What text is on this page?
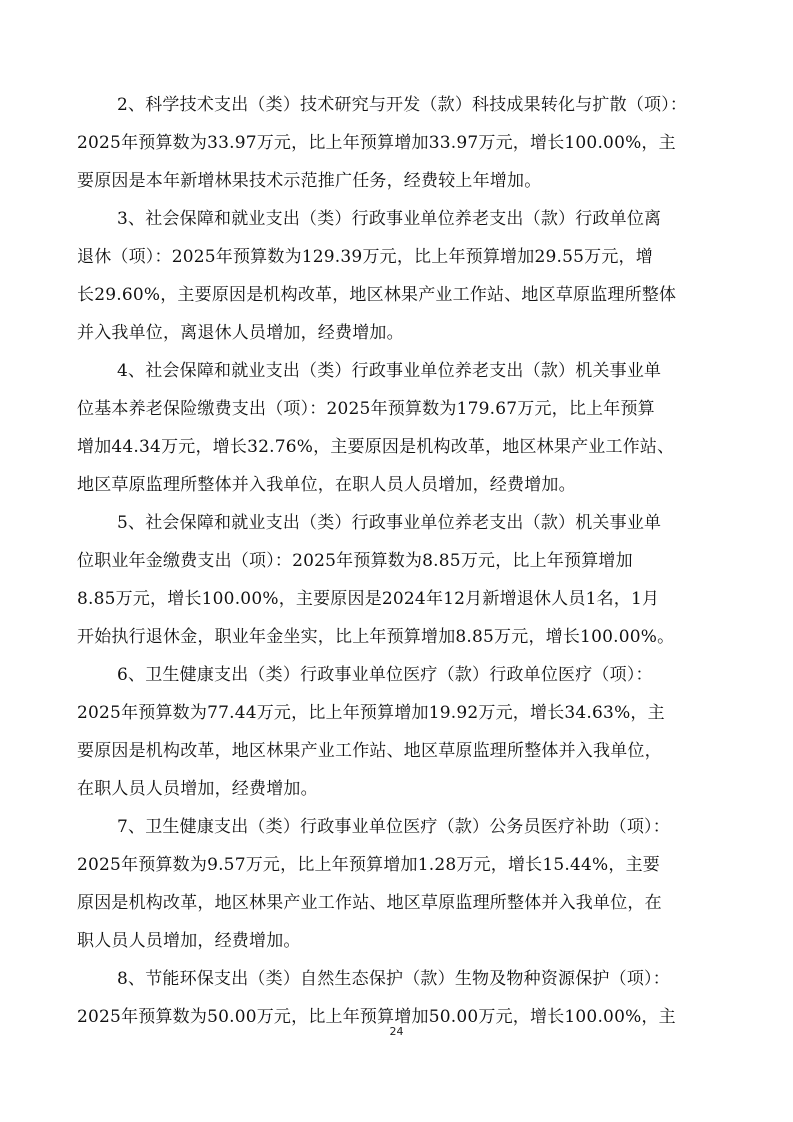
2、科学技术支出（类）技术研究与开发（款）科技成果转化与扩散（项）：
2025年预算数为33.97万元，比上年预算增加33.97万元，增长100.00%，主
要原因是本年新增林果技术示范推广任务，经费较上年增加。
3、社会保障和就业支出（类）行政事业单位养老支出（款）行政单位离
退休（项）：2025年预算数为129.39万元，比上年预算增加29.55万元，增
长29.60%，主要原因是机构改革，地区林果产业工作站、地区草原监理所整体
并入我单位，离退休人员增加，经费增加。
4、社会保障和就业支出（类）行政事业单位养老支出（款）机关事业单
位基本养老保险缴费支出（项）：2025年预算数为179.67万元，比上年预算
增加44.34万元，增长32.76%，主要原因是机构改革，地区林果产业工作站、
地区草原监理所整体并入我单位，在职人员人员增加，经费增加。
5、社会保障和就业支出（类）行政事业单位养老支出（款）机关事业单
位职业年金缴费支出（项）：2025年预算数为8.85万元，比上年预算增加
8.85万元，增长100.00%，主要原因是2024年12月新增退休人员1名，1月
开始执行退休金，职业年金坐实，比上年预算增加8.85万元，增长100.00%。
6、卫生健康支出（类）行政事业单位医疗（款）行政单位医疗（项）：
2025年预算数为77.44万元，比上年预算增加19.92万元，增长34.63%，主
要原因是机构改革，地区林果产业工作站、地区草原监理所整体并入我单位，
在职人员人员增加，经费增加。
7、卫生健康支出（类）行政事业单位医疗（款）公务员医疗补助（项）：
2025年预算数为9.57万元，比上年预算增加1.28万元，增长15.44%，主要
原因是机构改革，地区林果产业工作站、地区草原监理所整体并入我单位，在
职人员人员增加，经费增加。
8、节能环保支出（类）自然生态保护（款）生物及物种资源保护（项）：
2025年预算数为50.00万元，比上年预算增加50.00万元，增长100.00%，主
24
